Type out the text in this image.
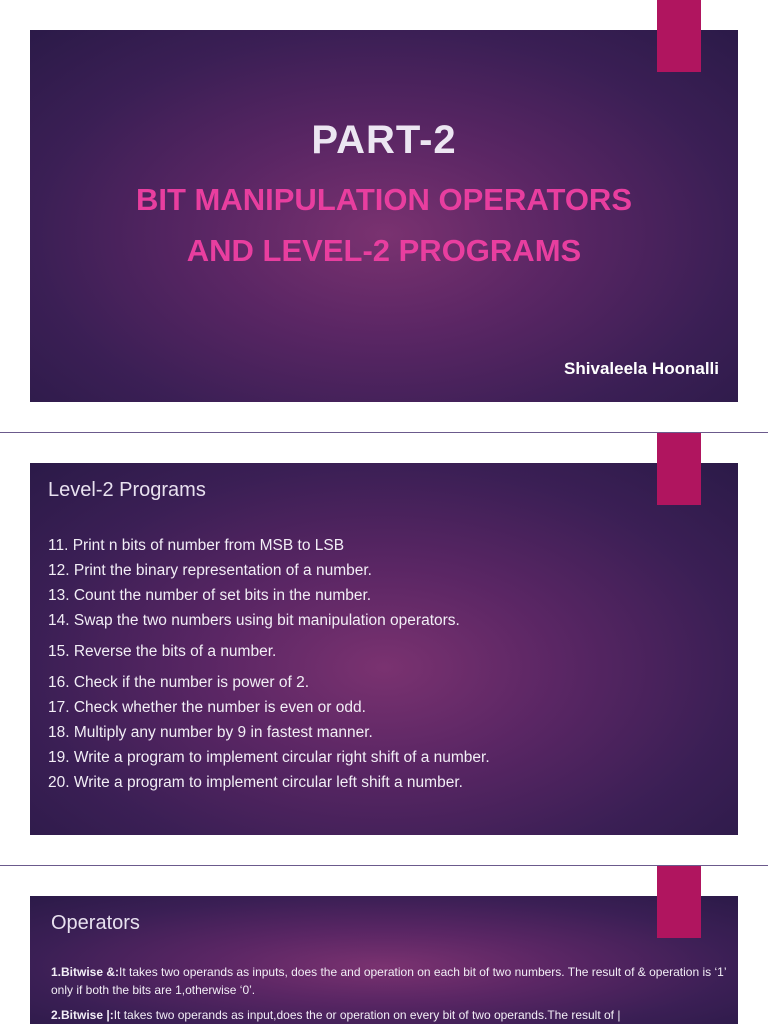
PART-2
BIT MANIPULATION OPERATORS
AND LEVEL-2 PROGRAMS
Shivaleela Hoonalli
Level-2 Programs
11. Print n bits of number from MSB to LSB
12. Print the binary representation of a number.
13. Count the number of set bits in the number.
14. Swap the two numbers using bit manipulation operators.
15. Reverse the bits of a number.
16. Check if the number is power of 2.
17. Check whether the number is even or odd.
18. Multiply any number by 9 in fastest manner.
19. Write a program to implement circular right shift of a number.
20. Write a program to implement circular left shift a number.
Operators
1.Bitwise &:It takes two operands as inputs, does the and operation on each bit of two numbers. The result of & operation is ‘1’ only if both the bits are 1,otherwise ‘0’.
2.Bitwise |:It takes two operands as input,does the or operation on every bit of two operands.The result of |
